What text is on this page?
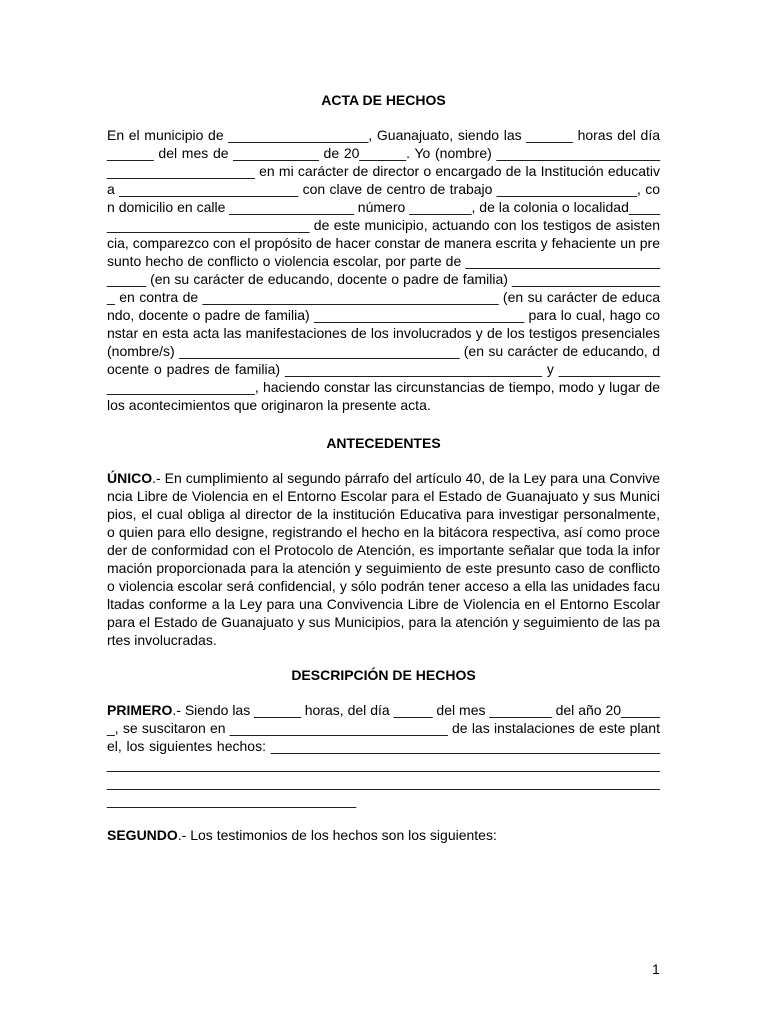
ACTA DE HECHOS

En el municipio de __________________, Guanajuato, siendo las ______ horas del día ______ del mes de ___________ de 20______. Yo (nombre) ________________________________________ en mi carácter de director o encargado de la Institución educativa _______________________ con clave de centro de trabajo __________________, con domicilio en calle ________________ número ________, de la colonia o localidad______________________________ de este municipio, actuando con los testigos de asistencia, comparezco con el propósito de hacer constar de manera escrita y fehaciente un presunto hecho de conflicto o violencia escolar, por parte de ______________________________ (en su carácter de educando, docente o padre de familia) ____________________ en contra de ______________________________________ (en su carácter de educando, docente o padre de familia) ___________________________ para lo cual, hago constar en esta acta las manifestaciones de los involucrados y de los testigos presenciales (nombre/s) ____________________________________ (en su carácter de educando, docente o padres de familia) _________________________________ y ________________________________, haciendo constar las circunstancias de tiempo, modo y lugar de los acontecimientos que originaron la presente acta.

ANTECEDENTES

ÚNICO.- En cumplimiento al segundo párrafo del artículo 40, de la Ley para una Convivencia Libre de Violencia en el Entorno Escolar para el Estado de Guanajuato y sus Municipios, el cual obliga al director de la institución Educativa para investigar personalmente, o quien para ello designe, registrando el hecho en la bitácora respectiva, así como proceder de conformidad con el Protocolo de Atención, es importante señalar que toda la información proporcionada para la atención y seguimiento de este presunto caso de conflicto o violencia escolar será confidencial, y sólo podrán tener acceso a ella las unidades facultadas conforme a la Ley para una Convivencia Libre de Violencia en el Entorno Escolar para el Estado de Guanajuato y sus Municipios, para la atención y seguimiento de las partes involucradas.

DESCRIPCIÓN DE HECHOS

PRIMERO.- Siendo las ______ horas, del día _____ del mes ________ del año 20______, se suscitaron en ____________________________ de las instalaciones de este plantel, los siguientes hechos: ________________________________________________________________________________________________________________________________________________________________________________________________________________________________

SEGUNDO.- Los testimonios de los hechos son los siguientes:

1
